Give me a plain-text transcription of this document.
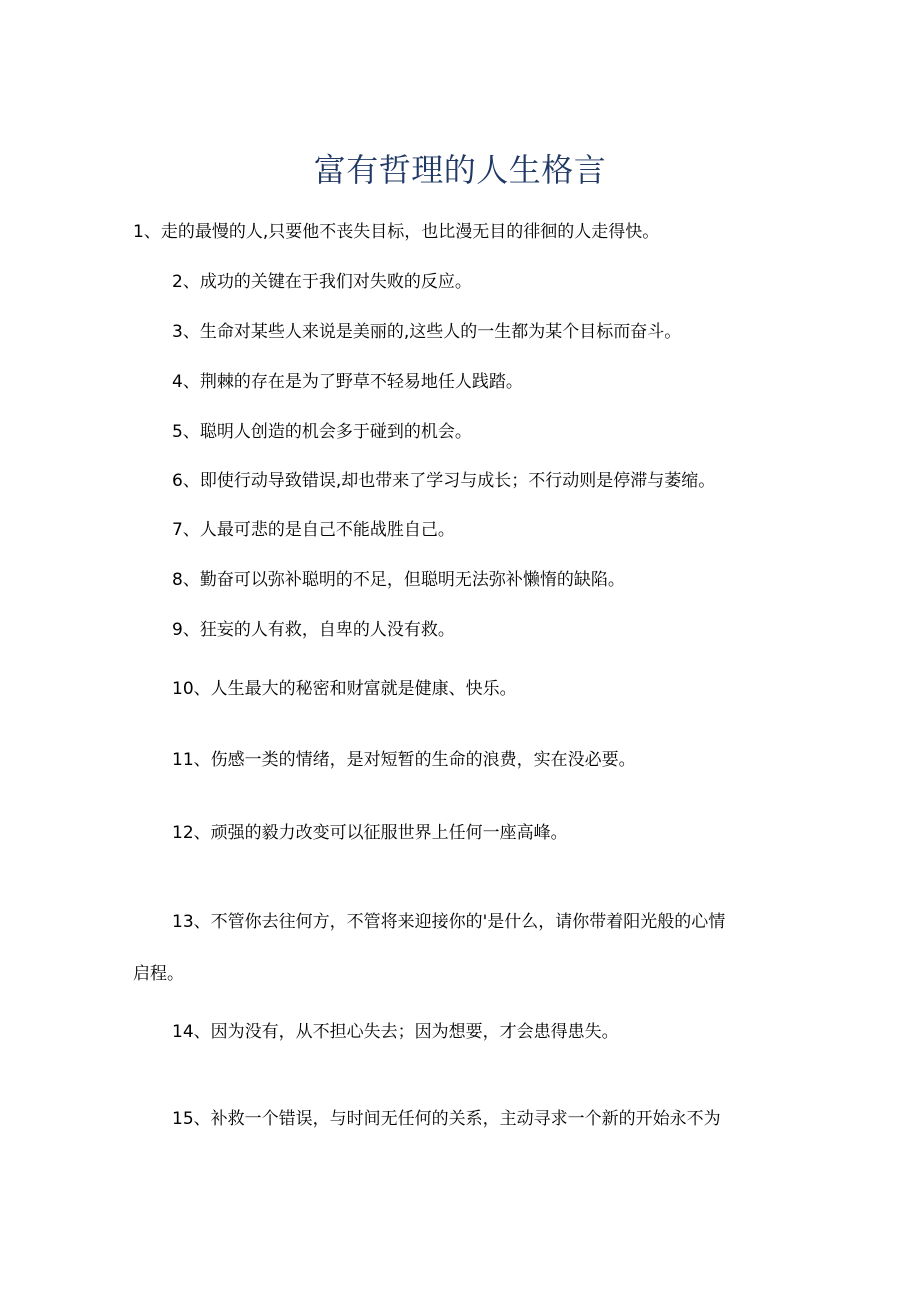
富有哲理的人生格言
1、走的最慢的人,只要他不丧失目标，也比漫无目的徘徊的人走得快。
2、成功的关键在于我们对失败的反应。
3、生命对某些人来说是美丽的,这些人的一生都为某个目标而奋斗。
4、荆棘的存在是为了野草不轻易地任人践踏。
5、聪明人创造的机会多于碰到的机会。
6、即使行动导致错误,却也带来了学习与成长；不行动则是停滞与萎缩。
7、人最可悲的是自己不能战胜自己。
8、勤奋可以弥补聪明的不足，但聪明无法弥补懒惰的缺陷。
9、狂妄的人有救，自卑的人没有救。
10、人生最大的秘密和财富就是健康、快乐。
11、伤感一类的情绪，是对短暂的生命的浪费，实在没必要。
12、顽强的毅力改变可以征服世界上任何一座高峰。
13、不管你去往何方，不管将来迎接你的'是什么，请你带着阳光般的心情
启程。
14、因为没有，从不担心失去；因为想要，才会患得患失。
15、补救一个错误，与时间无任何的关系，主动寻求一个新的开始永不为
